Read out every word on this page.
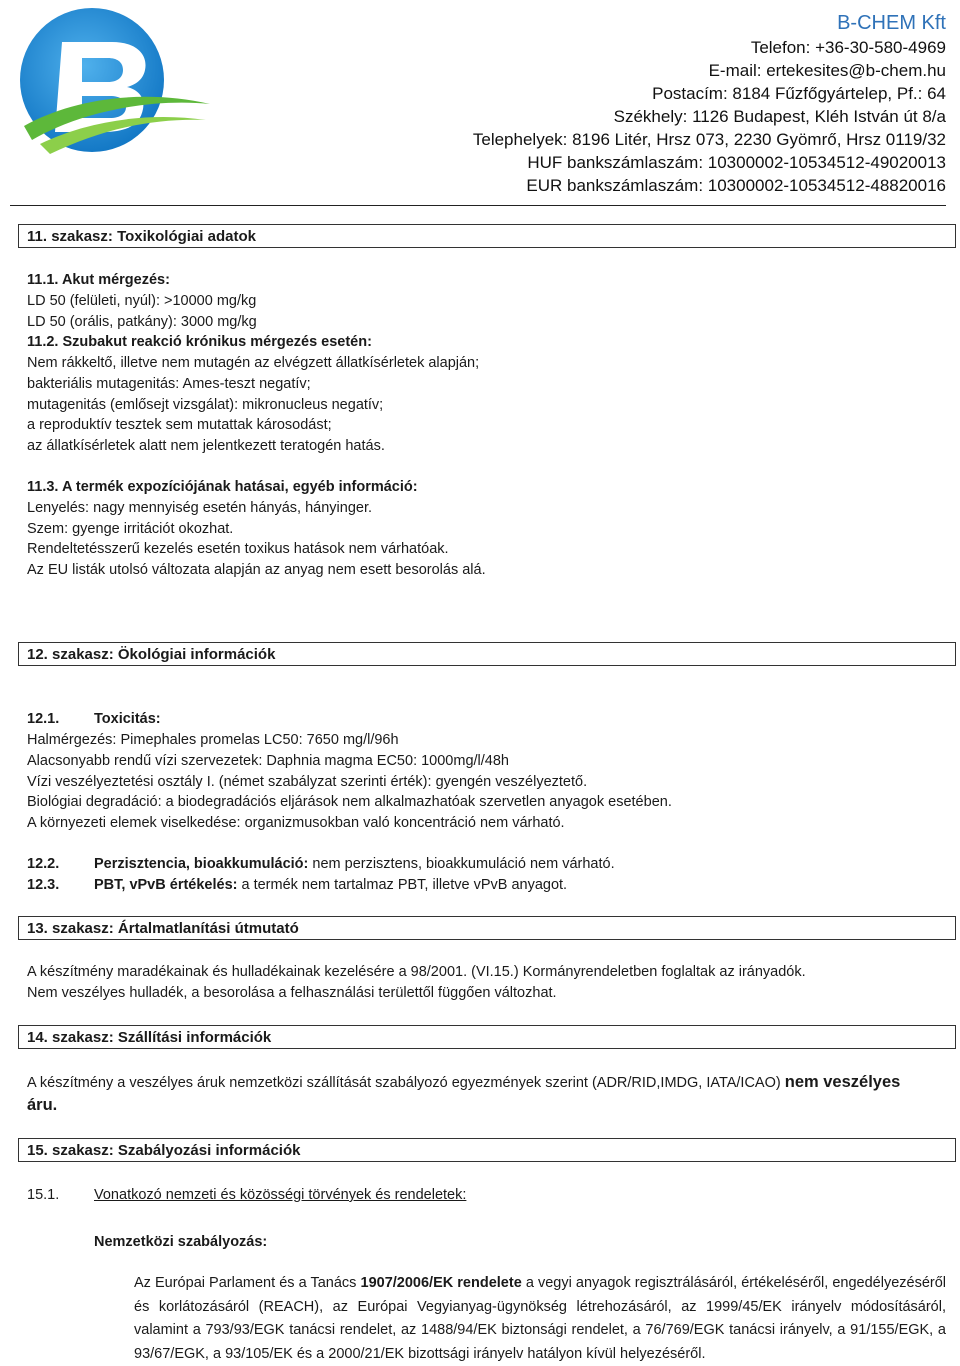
B-CHEM Kft
Telefon: +36-30-580-4969
E-mail: ertekesites@b-chem.hu
Postacím: 8184 Fűzfőgyártelep, Pf.: 64
Székhely: 1126 Budapest, Kléh István út 8/a
Telephelyek: 8196 Litér, Hrsz 073, 2230 Gyömrő, Hrsz 0119/32
HUF bankszámlaszám: 10300002-10534512-49020013
EUR bankszámlaszám: 10300002-10534512-48820016
11. szakasz: Toxikológiai adatok
11.1. Akut mérgezés:
LD 50 (felületi, nyúl): >10000 mg/kg
LD 50 (orális, patkány): 3000 mg/kg
11.2. Szubakut reakció krónikus mérgezés esetén:
Nem rákkeltő, illetve nem mutagén az elvégzett állatkísérletek alapján;
bakteriális mutagenitás: Ames-teszt negatív;
mutagenitás (emlősejt vizsgálat): mikronucleus negatív;
a reproduktív tesztek sem mutattak károsodást;
az állatkísérletek alatt nem jelentkezett teratogén hatás.
11.3. A termék expozíciójának hatásai, egyéb információ:
Lenyelés: nagy mennyiség esetén hányás, hányinger.
Szem: gyenge irritációt okozhat.
Rendeltetésszerű kezelés esetén toxikus hatások nem várhatóak.
Az EU listák utolsó változata alapján az anyag nem esett besorolás alá.
12. szakasz: Ökológiai információk
12.1. Toxicitás:
Halmérgezés: Pimephales promelas LC50: 7650 mg/l/96h
Alacsonyabb rendű vízi szervezetek: Daphnia magma EC50: 1000mg/l/48h
Vízi veszélyeztetési osztály I. (német szabályzat szerinti érték): gyengén veszélyeztető.
Biológiai degradáció: a biodegradációs eljárások nem alkalmazhatóak szervetlen anyagok esetében.
A környezeti elemek viselkedése: organizmusokban való koncentráció nem várható.
12.2. Perzisztencia, bioakkumuláció: nem perzisztens, bioakkumuláció nem várható.
12.3. PBT, vPvB értékelés: a termék nem tartalmaz PBT, illetve vPvB anyagot.
13. szakasz: Ártalmatlanítási útmutató
A készítmény maradékainak és hulladékainak kezelésére a 98/2001. (VI.15.) Kormányrendeletben foglaltak az irányadók.
Nem veszélyes hulladék, a besorolása a felhasználási területtől függően változhat.
14. szakasz: Szállítási információk
A készítmény a veszélyes áruk nemzetközi szállítását szabályozó egyezmények szerint (ADR/RID,IMDG, IATA/ICAO) nem veszélyes
áru.
15. szakasz: Szabályozási információk
15.1. Vonatkozó nemzeti és közösségi törvények és rendeletek:
Nemzetközi szabályozás:
Az Európai Parlament és a Tanács 1907/2006/EK rendelete a vegyi anyagok regisztrálásáról, értékeléséről, engedélyezéséről és korlátozásáról (REACH), az Európai Vegyianyag-ügynökség létrehozásáról, az 1999/45/EK irányelv módosításáról, valamint a 793/93/EGK tanácsi rendelet, az 1488/94/EK biztonsági rendelet, a 76/769/EGK tanácsi irányelv, a 91/155/EGK, a 93/67/EGK, a 93/105/EK és a 2000/21/EK bizottsági irányelv hatályon kívül helyezéséről.
